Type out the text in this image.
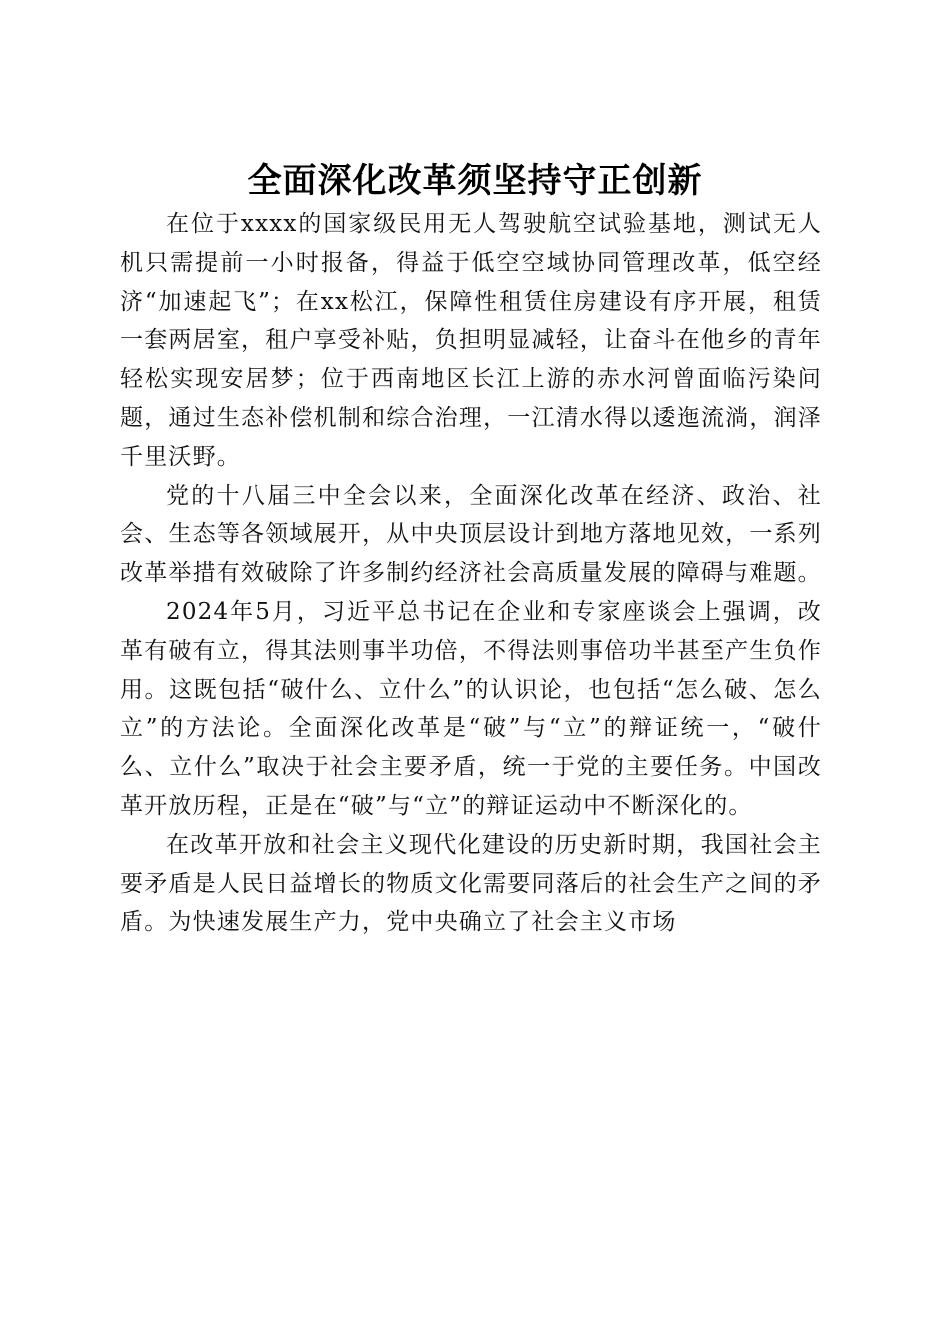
全面深化改革须坚持守正创新

在位于xxxx的国家级民用无人驾驶航空试验基地，测试无人机只需提前一小时报备，得益于低空空域协同管理改革，低空经济“加速起飞”；在xx松江，保障性租赁住房建设有序开展，租赁一套两居室，租户享受补贴，负担明显减轻，让奋斗在他乡的青年轻松实现安居梦；位于西南地区长江上游的赤水河曾面临污染问题，通过生态补偿机制和综合治理，一江清水得以逶迤流淌，润泽千里沃野。

党的十八届三中全会以来，全面深化改革在经济、政治、社会、生态等各领域展开，从中央顶层设计到地方落地见效，一系列改革举措有效破除了许多制约经济社会高质量发展的障碍与难题。

2024年5月，习近平总书记在企业和专家座谈会上强调，改革有破有立，得其法则事半功倍，不得法则事倍功半甚至产生负作用。这既包括“破什么、立什么”的认识论，也包括“怎么破、怎么立”的方法论。全面深化改革是“破”与“立”的辩证统一，“破什么、立什么”取决于社会主要矛盾，统一于党的主要任务。中国改革开放历程，正是在“破”与“立”的辩证运动中不断深化的。

在改革开放和社会主义现代化建设的历史新时期，我国社会主要矛盾是人民日益增长的物质文化需要同落后的社会生产之间的矛盾。为快速发展生产力，党中央确立了社会主义市场
